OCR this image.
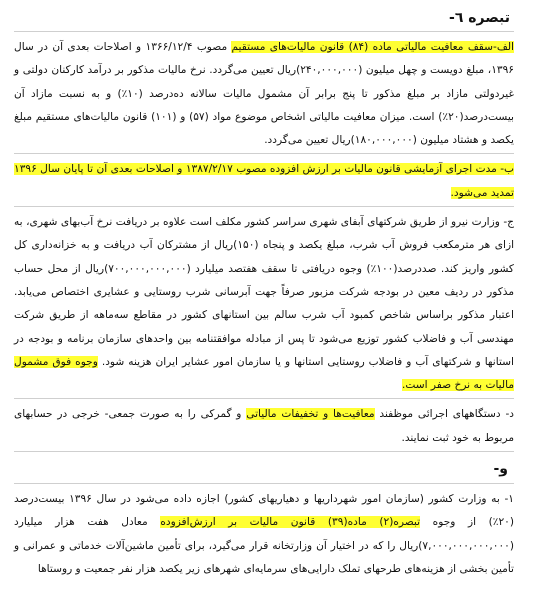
تبصره ٦-

الف-سقف معافیت مالیاتی ماده (۸۴) قانون مالیات‌های مستقیم مصوب ۱۳۶۶/۱۲/۴ و اصلاحات بعدی آن در سال ۱۳۹۶، مبلغ دویست و چهل میلیون (۲۴۰,۰۰۰,۰۰۰)ریال تعیین می‌گردد. نرخ مالیات مذکور بر درآمد کارکنان دولتی و غیردولتی مازاد بر مبلغ مذکور تا پنج برابر آن مشمول مالیات سالانه ده‌درصد (۱۰٪) و به نسبت مازاد آن بیست‌درصد(۲۰٪) است. میزان معافیت مالیاتی اشخاص موضوع مواد (۵۷) و (۱۰۱) قانون مالیات‌های مستقیم مبلغ یکصد و هشتاد میلیون (۱۸۰,۰۰۰,۰۰۰)ریال تعیین می‌گردد.

ب- مدت اجرای آزمایشی قانون مالیات بر ارزش افزوده مصوب ۱۳۸۷/۲/۱۷ و اصلاحات بعدی آن تا پایان سال ۱۳۹۶ تمدید می‌شود.

ج- وزارت نیرو از طریق شرکتهای آبفای شهری سراسر کشور مکلف است علاوه بر دریافت نرخ آب‌بهای شهری، به ازای هر مترمکعب فروش آب شرب، مبلغ یکصد و پنجاه (۱۵۰)ریال از مشترکان آب دریافت و به خزانه‌داری کل کشور واریز کند. صددرصد(۱۰۰٪) وجوه دریافتی تا سقف هفتصد میلیارد (۷۰۰,۰۰۰,۰۰۰,۰۰۰)ریال از محل حساب مذکور در ردیف معین در بودجه شرکت مزبور صرفاً جهت آبرسانی شرب روستایی و عشایری اختصاص می‌یابد. اعتبار مذکور براساس شاخص کمبود آب شرب سالم بین استانهای کشور در مقاطع سه‌ماهه از طریق شرکت مهندسی آب و فاضلاب کشور توزیع می‌شود تا پس از مبادله موافقتنامه بین واحدهای سازمان برنامه و بودجه در استانها و شرکتهای آب و فاضلاب روستایی استانها و یا سازمان امور عشایر ایران هزینه شود. وجوه فوق مشمول مالیات به نرخ صفر است.

د- دستگاههای اجرائی موظفند معافیت‌ها و تخفیفات مالیاتی و گمرکی را به صورت جمعی- خرجی در حسابهای مربوط به خود ثبت نمایند.

و-

۱- به وزارت کشور (سازمان امور شهرداریها و دهیاریهای کشور) اجازه داده می‌شود در سال ۱۳۹۶ بیست‌درصد (۲۰٪) از وجوه تبصره(۲) ماده(۳۹) قانون مالیات بر ارزش‌افزوده معادل هفت هزار میلیارد (۷,۰۰۰,۰۰۰,۰۰۰,۰۰۰)ریال را که در اختیار آن وزارتخانه قرار می‌گیرد، برای تأمین ماشین‌آلات خدماتی و عمرانی و تأمین بخشی از هزینه‌های طرحهای تملک دارایی‌های سرمایه‌ای شهرهای زیر یکصد هزار نفر جمعیت و روستاها
